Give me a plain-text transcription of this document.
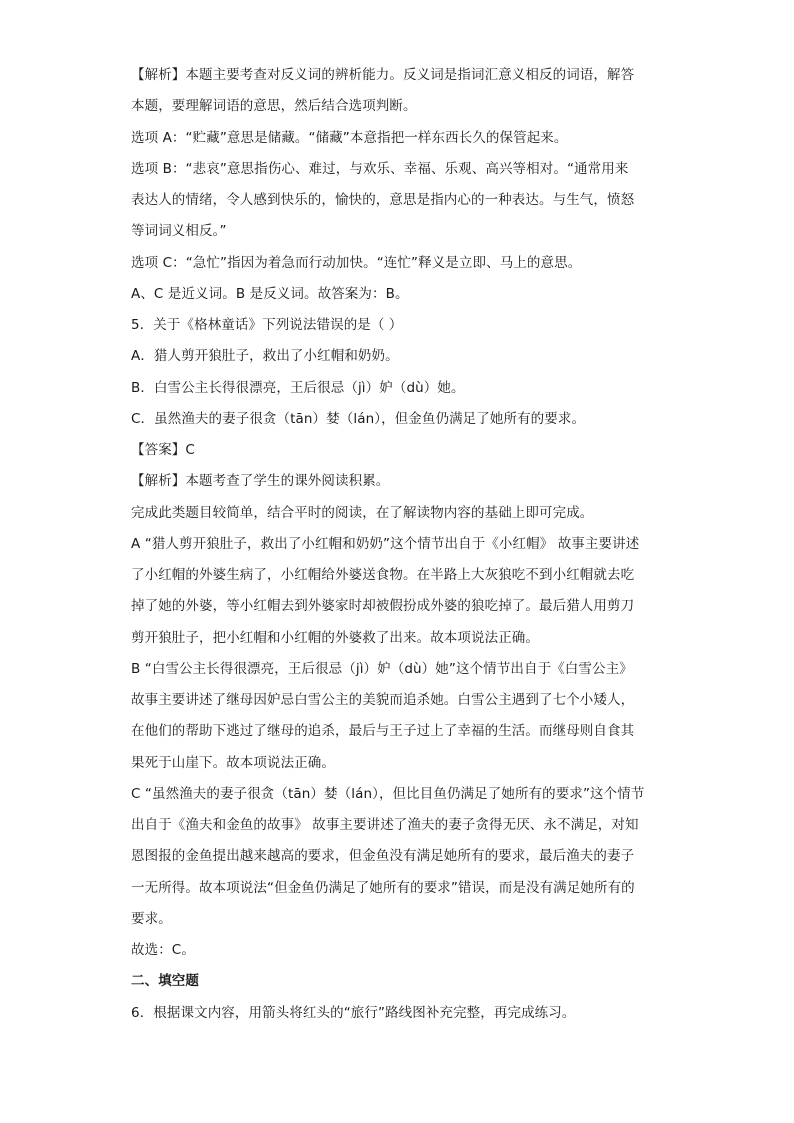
【解析】本题主要考查对反义词的辨析能力。反义词是指词汇意义相反的词语，解答
本题，要理解词语的意思，然后结合选项判断。
选项 A：“贮藏”意思是储藏。“储藏”本意指把一样东西长久的保管起来。
选项 B：“悲哀”意思指伤心、难过，与欢乐、幸福、乐观、高兴等相对。“通常用来
表达人的情绪，令人感到快乐的，愉快的，意思是指内心的一种表达。与生气，愤怒
等词词义相反。”
选项 C：“急忙”指因为着急而行动加快。“连忙”释义是立即、马上的意思。
A、C 是近义词。B 是反义词。故答案为：B。
5．关于《格林童话》下列说法错误的是（ ）
A．猎人剪开狼肚子，救出了小红帽和奶奶。
B．白雪公主长得很漂亮，王后很忌（jì）妒（dù）她。
C．虽然渔夫的妻子很贪（tān）婪（lán），但金鱼仍满足了她所有的要求。
【答案】C
【解析】本题考查了学生的课外阅读积累。
完成此类题目较简单，结合平时的阅读，在了解读物内容的基础上即可完成。
A “猎人剪开狼肚子，救出了小红帽和奶奶”这个情节出自于《小红帽》 故事主要讲述
了小红帽的外婆生病了，小红帽给外婆送食物。在半路上大灰狼吃不到小红帽就去吃
掉了她的外婆，等小红帽去到外婆家时却被假扮成外婆的狼吃掉了。最后猎人用剪刀
剪开狼肚子，把小红帽和小红帽的外婆救了出来。故本项说法正确。
B “白雪公主长得很漂亮，王后很忌（jì）妒（dù）她”这个情节出自于《白雪公主》
故事主要讲述了继母因妒忌白雪公主的美貌而追杀她。白雪公主遇到了七个小矮人，
在他们的帮助下逃过了继母的追杀，最后与王子过上了幸福的生活。而继母则自食其
果死于山崖下。故本项说法正确。
C “虽然渔夫的妻子很贪（tān）婪（lán），但比目鱼仍满足了她所有的要求”这个情节
出自于《渔夫和金鱼的故事》 故事主要讲述了渔夫的妻子贪得无厌、永不满足，对知
恩图报的金鱼提出越来越高的要求，但金鱼没有满足她所有的要求，最后渔夫的妻子
一无所得。故本项说法“但金鱼仍满足了她所有的要求”错误，而是没有满足她所有的
要求。
故选：C。
二、填空题
6．根据课文内容，用箭头将红头的“旅行”路线图补充完整，再完成练习。
